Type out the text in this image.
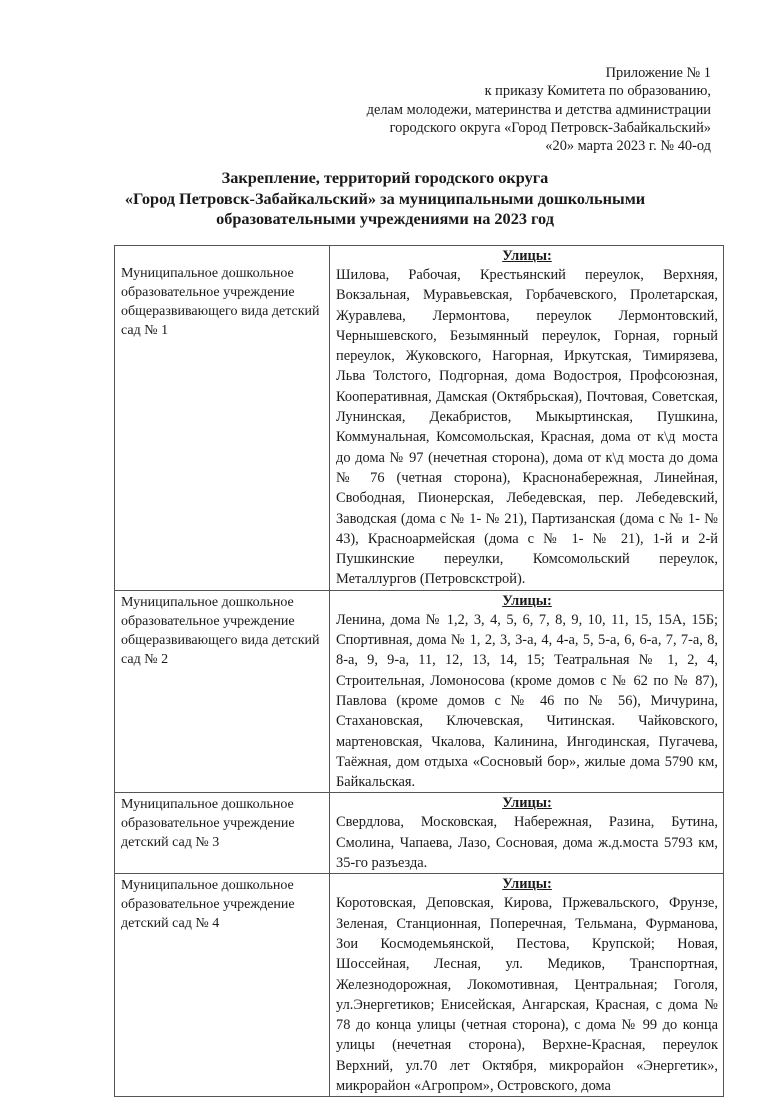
Приложение № 1
к приказу Комитета по образованию,
делам молодежи, материнства и детства администрации
городского округа «Город Петровск-Забайкальский»
«20» марта 2023 г. № 40-од
Закрепление, территорий городского округа
«Город Петровск-Забайкальский» за муниципальными дошкольными
образовательными учреждениями на 2023 год
Муниципальное дошкольное образовательное учреждение общеразвивающего вида детский сад № 1	Улицы:
Шилова, Рабочая, Крестьянский переулок, Верхняя, Вокзальная, Муравьевская, Горбачевского, Пролетарская, Журавлева, Лермонтова, переулок Лермонтовский, Чернышевского, Безымянный переулок, Горная, горный переулок, Жуковского, Нагорная, Иркутская, Тимирязева, Льва Толстого, Подгорная, дома Водостроя, Профсоюзная, Кооперативная, Дамская (Октябрьская), Почтовая, Советская, Лунинская, Декабристов, Мыкыртинская, Пушкина, Коммунальная, Комсомольская, Красная, дома от к\д моста до дома № 97 (нечетная сторона), дома от к\д моста до дома № 76 (четная сторона), Краснонабережная, Линейная, Свободная, Пионерская, Лебедевская, пер. Лебедевский, Заводская (дома с № 1- № 21), Партизанская (дома с № 1- № 43), Красноармейская (дома с № 1- № 21), 1-й и 2-й Пушкинские переулки, Комсомольский переулок, Металлургов (Петровскстрой).

Муниципальное дошкольное образовательное учреждение общеразвивающего вида детский сад № 2	Улицы:
Ленина, дома № 1,2, 3, 4, 5, 6, 7, 8, 9, 10, 11, 15, 15А, 15Б; Спортивная, дома № 1, 2, 3, 3-а, 4, 4-а, 5, 5-а, 6, 6-а, 7, 7-а, 8, 8-а, 9, 9-а, 11, 12, 13, 14, 15; Театральная № 1, 2, 4, Строительная, Ломоносова (кроме домов с № 62 по № 87), Павлова (кроме домов с № 46 по № 56), Мичурина, Стахановская, Ключевская, Читинская. Чайковского, мартеновская, Чкалова, Калинина, Ингодинская, Пугачева, Таёжная, дом отдыха «Сосновый бор», жилые дома 5790 км, Байкальская.

Муниципальное дошкольное образовательное учреждение детский сад № 3	Улицы:
Свердлова, Московская, Набережная, Разина, Бутина, Смолина, Чапаева, Лазо, Сосновая, дома ж.д.моста 5793 км, 35-го разъезда.

Муниципальное дошкольное образовательное учреждение детский сад № 4	Улицы:
Коротовская, Деповская, Кирова, Пржевальского, Фрунзе, Зеленая, Станционная, Поперечная, Тельмана, Фурманова, Зои Космодемьянской, Пестова, Крупской; Новая, Шоссейная, Лесная, ул. Медиков, Транспортная, Железнодорожная, Локомотивная, Центральная; Гоголя, ул.Энергетиков; Енисейская, Ангарская, Красная, с дома № 78 до конца улицы (четная сторона), с дома № 99 до конца улицы (нечетная сторона), Верхне-Красная, переулок Верхний, ул.70 лет Октября, микрорайон «Энергетик», микрорайон «Агропром», Островского, дома
